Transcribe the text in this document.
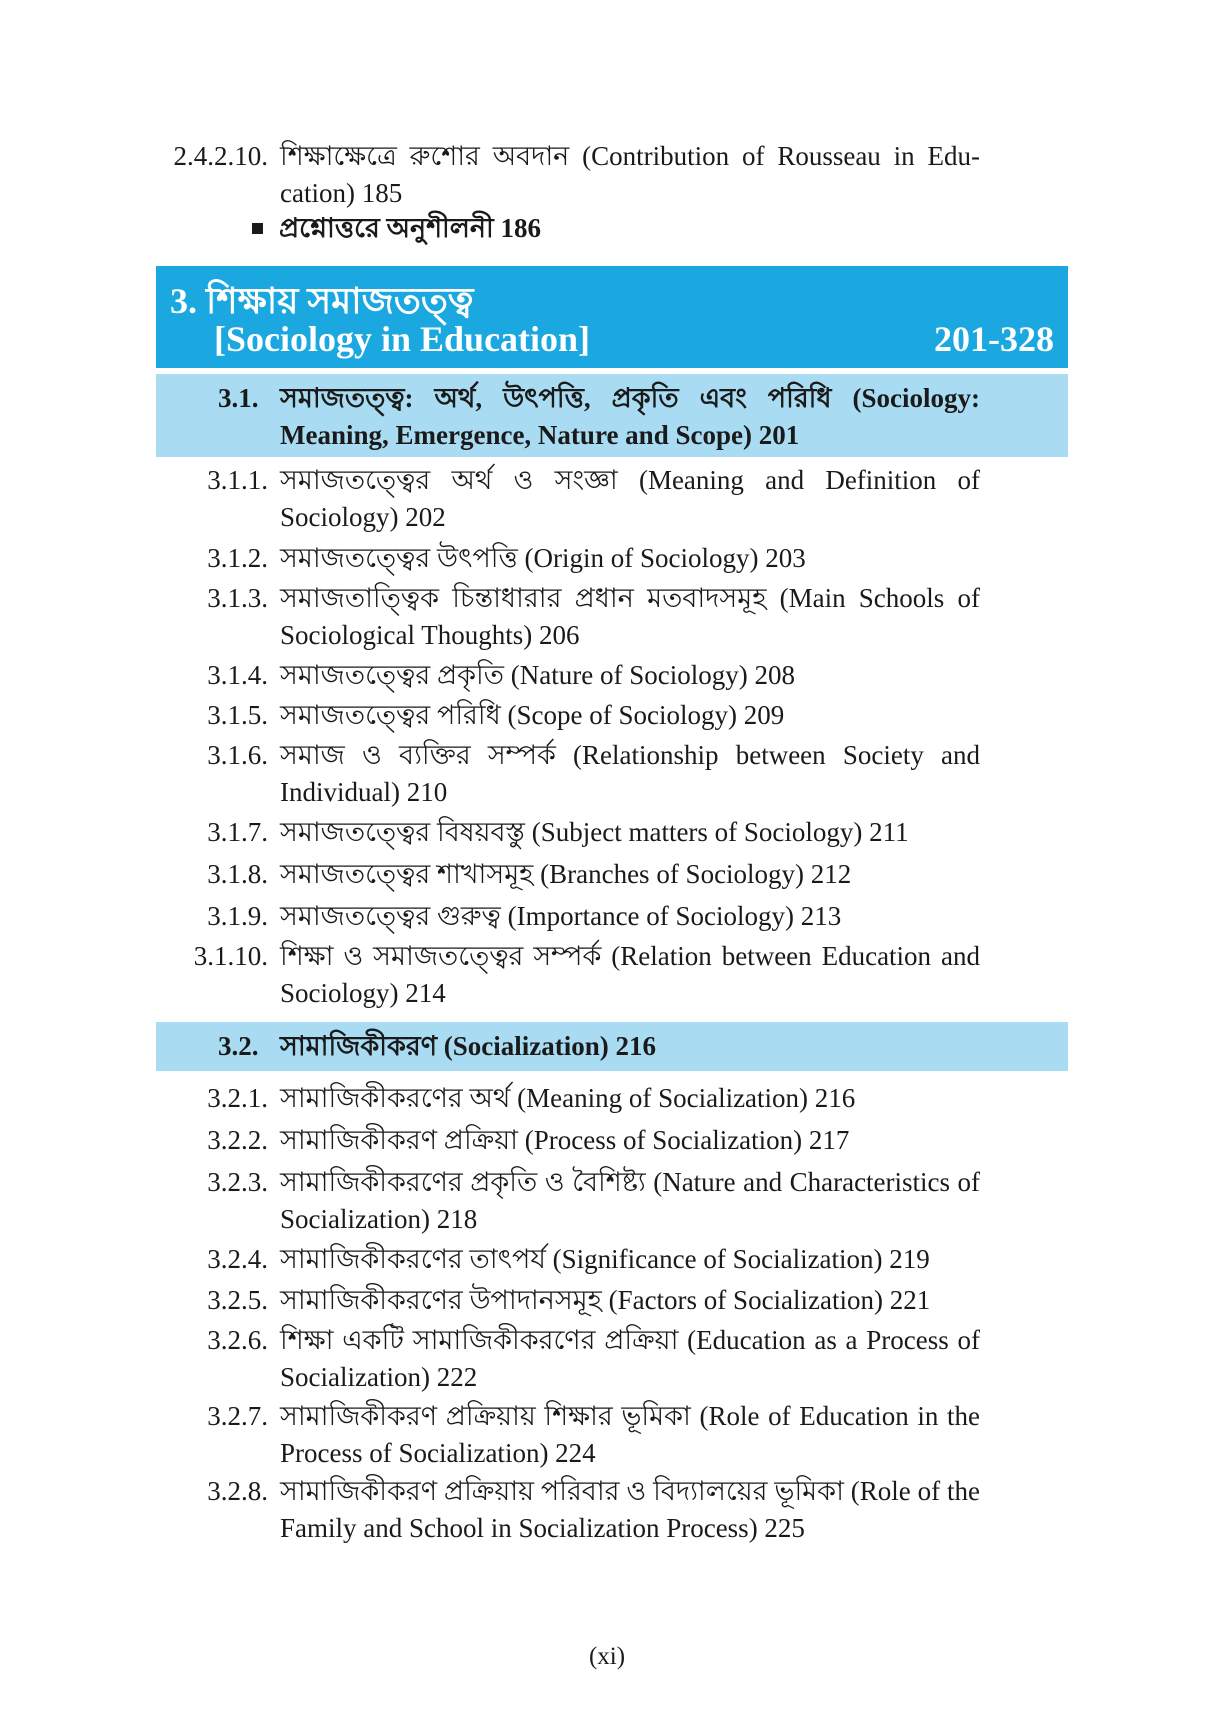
2.4.2.10. শিক্ষাক্ষেত্রে রুশোর অবদান (Contribution of Rousseau in Edu-cation) 185
প্রশ্নোত্তরে অনুশীলনী 186
3. শিক্ষায় সমাজতত্ত্ব
[Sociology in Education]	201-328
3.1. সমাজতত্ত্ব: অর্থ, উৎপত্তি, প্রকৃতি এবং পরিধি (Sociology: Meaning, Emergence, Nature and Scope) 201
3.1.1. সমাজতত্ত্বের অর্থ ও সংজ্ঞা (Meaning and Definition of Sociology) 202
3.1.2. সমাজতত্ত্বের উৎপত্তি (Origin of Sociology) 203
3.1.3. সমাজতাত্ত্বিক চিন্তাধারার প্রধান মতবাদসমূহ (Main Schools of Sociological Thoughts) 206
3.1.4. সমাজতত্ত্বের প্রকৃতি (Nature of Sociology) 208
3.1.5. সমাজতত্ত্বের পরিধি (Scope of Sociology) 209
3.1.6. সমাজ ও ব্যক্তির সম্পর্ক (Relationship between Society and Individual) 210
3.1.7. সমাজতত্ত্বের বিষয়বস্তু (Subject matters of Sociology) 211
3.1.8. সমাজতত্ত্বের শাখাসমূহ (Branches of Sociology) 212
3.1.9. সমাজতত্ত্বের গুরুত্ব (Importance of Sociology) 213
3.1.10. শিক্ষা ও সমাজতত্ত্বের সম্পর্ক (Relation between Education and Sociology) 214
3.2. সামাজিকীকরণ (Socialization) 216
3.2.1. সামাজিকীকরণের অর্থ (Meaning of Socialization) 216
3.2.2. সামাজিকীকরণ প্রক্রিয়া (Process of Socialization) 217
3.2.3. সামাজিকীকরণের প্রকৃতি ও বৈশিষ্ট্য (Nature and Characteristics of Socialization) 218
3.2.4. সামাজিকীকরণের তাৎপর্য (Significance of Socialization) 219
3.2.5. সামাজিকীকরণের উপাদানসমূহ (Factors of Socialization) 221
3.2.6. শিক্ষা একটি সামাজিকীকরণের প্রক্রিয়া (Education as a Process of Socialization) 222
3.2.7. সামাজিকীকরণ প্রক্রিয়ায় শিক্ষার ভূমিকা (Role of Education in the Process of Socialization) 224
3.2.8. সামাজিকীকরণ প্রক্রিয়ায় পরিবার ও বিদ্যালয়ের ভূমিকা (Role of the Family and School in Socialization Process) 225
(xi)
